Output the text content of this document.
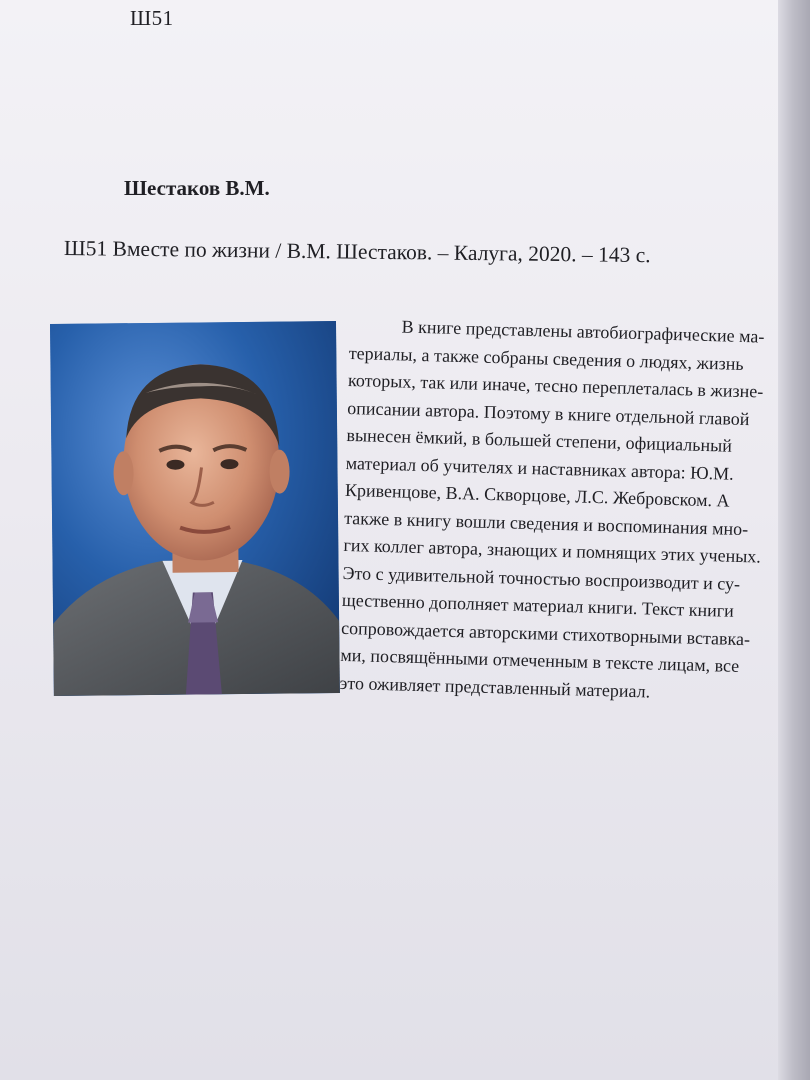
Ш51
Шестаков В.М.
Ш51 Вместе по жизни / В.М. Шестаков. – Калуга, 2020. – 143 с.
В книге представлены автобиографические ма-
териалы, а также собраны сведения о людях, жизнь
которых, так или иначе, тесно переплеталась в жизне-
описании автора. Поэтому в книге отдельной главой
вынесен ёмкий, в большей степени, официальный
материал об учителях и наставниках автора: Ю.М.
Кривенцове, В.А. Скворцове, Л.С. Жебровском. А
также в книгу вошли сведения и воспоминания мно-
гих коллег автора, знающих и помнящих этих ученых.
Это с удивительной точностью воспроизводит и су-
щественно дополняет материал книги. Текст книги
сопровождается авторскими стихотворными вставка-
ми, посвящёнными отмеченным в тексте лицам, все
это оживляет представленный материал.
